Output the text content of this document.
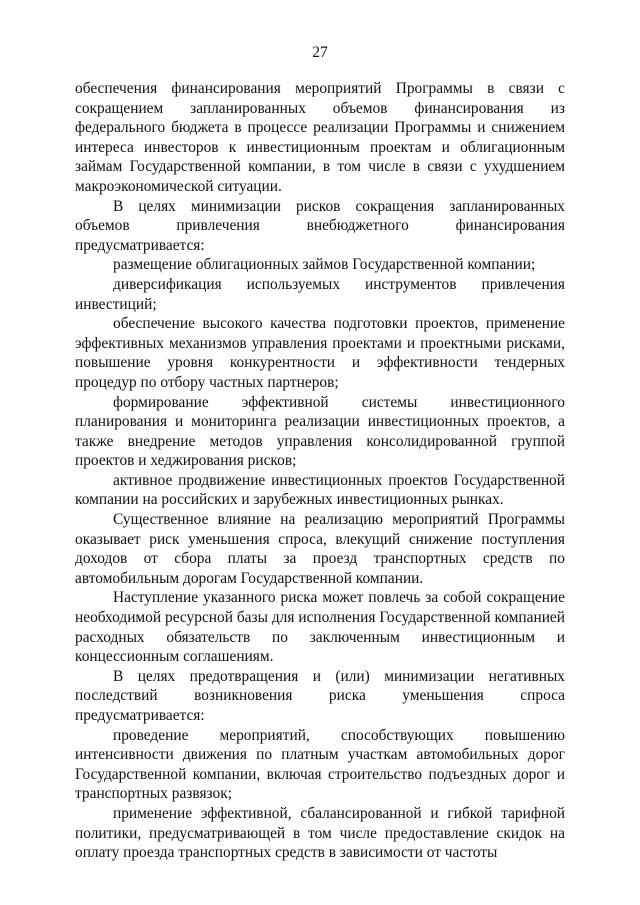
27

обеспечения финансирования мероприятий Программы в связи с сокращением запланированных объемов финансирования из федерального бюджета в процессе реализации Программы и снижением интереса инвесторов к инвестиционным проектам и облигационным займам Государственной компании, в том числе в связи с ухудшением макроэкономической ситуации.

В целях минимизации рисков сокращения запланированных объемов привлечения внебюджетного финансирования предусматривается:

размещение облигационных займов Государственной компании;

диверсификация используемых инструментов привлечения инвестиций;

обеспечение высокого качества подготовки проектов, применение эффективных механизмов управления проектами и проектными рисками, повышение уровня конкурентности и эффективности тендерных процедур по отбору частных партнеров;

формирование эффективной системы инвестиционного планирования и мониторинга реализации инвестиционных проектов, а также внедрение методов управления консолидированной группой проектов и хеджирования рисков;

активное продвижение инвестиционных проектов Государственной компании на российских и зарубежных инвестиционных рынках.

Существенное влияние на реализацию мероприятий Программы оказывает риск уменьшения спроса, влекущий снижение поступления доходов от сбора платы за проезд транспортных средств по автомобильным дорогам Государственной компании.

Наступление указанного риска может повлечь за собой сокращение необходимой ресурсной базы для исполнения Государственной компанией расходных обязательств по заключенным инвестиционным и концессионным соглашениям.

В целях предотвращения и (или) минимизации негативных последствий возникновения риска уменьшения спроса предусматривается:

проведение мероприятий, способствующих повышению интенсивности движения по платным участкам автомобильных дорог Государственной компании, включая строительство подъездных дорог и транспортных развязок;

применение эффективной, сбалансированной и гибкой тарифной политики, предусматривающей в том числе предоставление скидок на оплату проезда транспортных средств в зависимости от частоты
